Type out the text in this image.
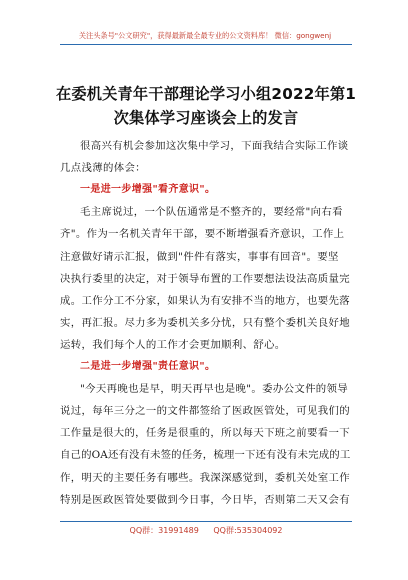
关注头条号"公文研究"，获得最新最全最专业的公文资料库！ 微信：gongwenj
在委机关青年干部理论学习小组2022年第1
次集体学习座谈会上的发言
很高兴有机会参加这次集中学习，下面我结合实际工作谈
几点浅薄的体会：
一是进一步增强"看齐意识"。
毛主席说过，一个队伍通常是不整齐的，要经常"向右看
齐"。作为一名机关青年干部，要不断增强看齐意识，工作上
注意做好请示汇报，做到"件件有落实，事事有回音"。要坚
决执行委里的决定，对于领导布置的工作要想法设法高质量完
成。工作分工不分家，如果认为有安排不当的地方，也要先落
实，再汇报。尽力多为委机关多分忧，只有整个委机关良好地
运转，我们每个人的工作才会更加顺利、舒心。
二是进一步增强"责任意识"。
"今天再晚也是早，明天再早也是晚"。委办公文件的领导
说过，每年三分之一的文件都签给了医政医管处，可见我们的
工作量是很大的，任务是很重的，所以每天下班之前要看一下
自己的OA还有没有未签的任务，梳理一下还有没有未完成的工
作，明天的主要任务有哪些。我深深感觉到，委机关处室工作
特别是医政医管处要做到今日事，今日毕，否则第二天又会有
QQ群：31991489 QQ群:535304092
